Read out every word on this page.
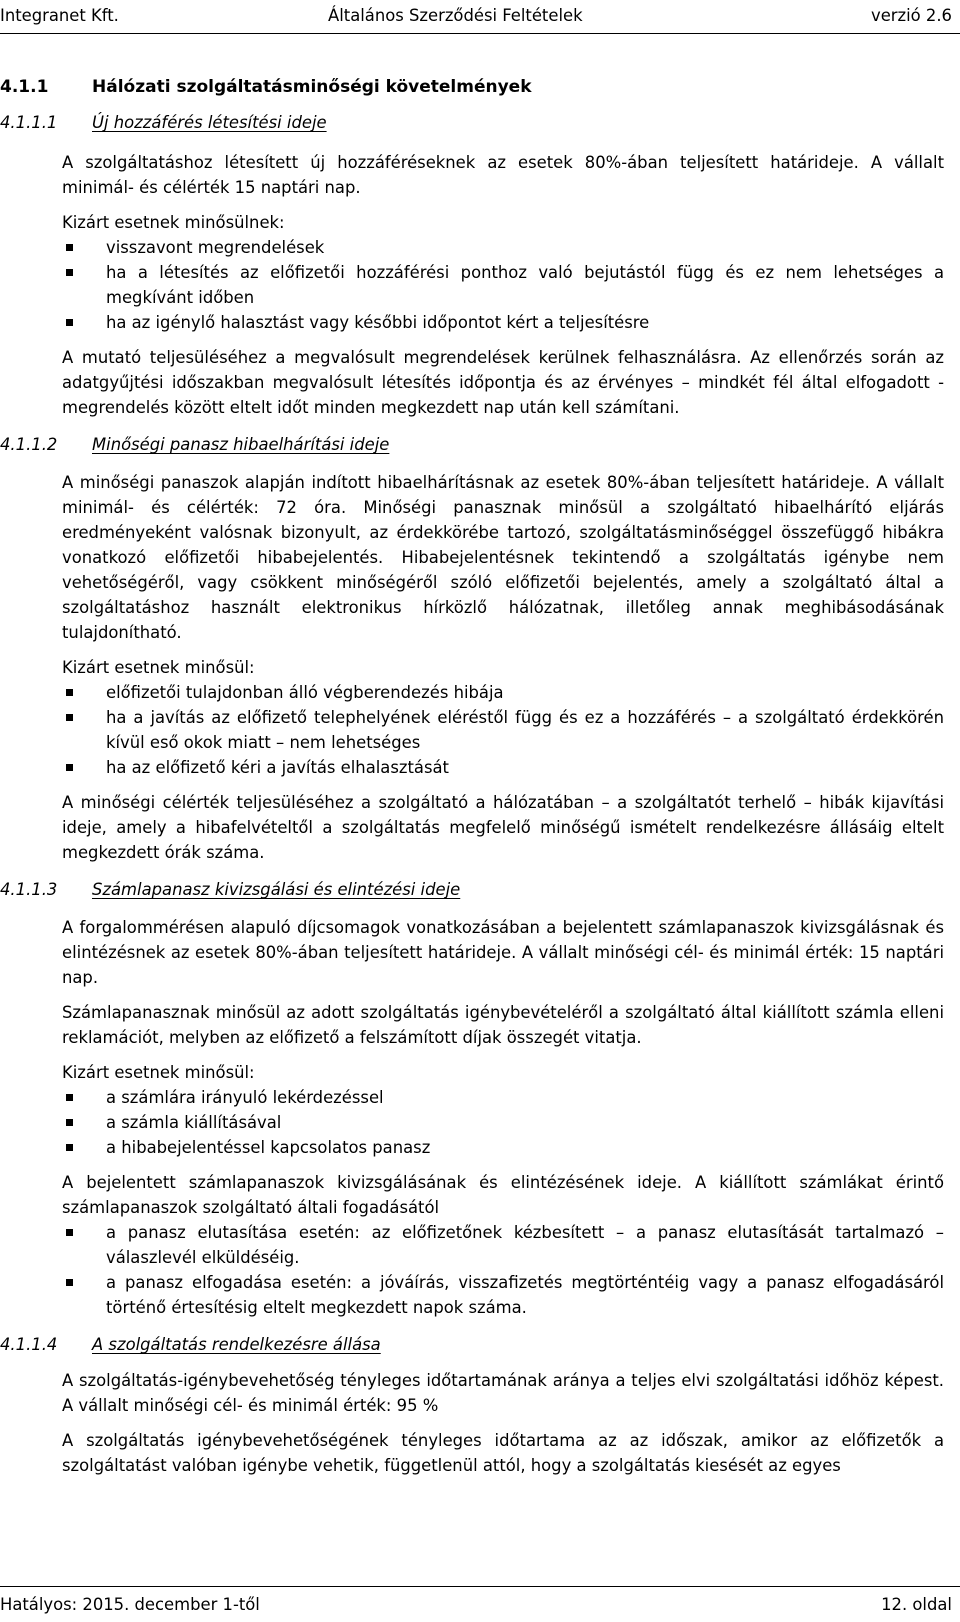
Integranet Kft.	Általános Szerződési Feltételek	verzió 2.6
4.1.1	Hálózati szolgáltatásminőségi követelmények
4.1.1.1 Új hozzáférés létesítési ideje

A szolgáltatáshoz létesített új hozzáféréseknek az esetek 80%-ában teljesített határideje. A vállalt minimál- és célérték 15 naptári nap.

Kizárt esetnek minősülnek:

visszavont megrendelések
ha a létesítés az előfizetői hozzáférési ponthoz való bejutástól függ és ez nem lehetséges a megkívánt időben
ha az igénylő halasztást vagy későbbi időpontot kért a teljesítésre

A mutató teljesüléséhez a megvalósult megrendelések kerülnek felhasználásra. Az ellenőrzés során az adatgyűjtési időszakban megvalósult létesítés időpontja és az érvényes – mindkét fél által elfogadott - megrendelés között eltelt időt minden megkezdett nap után kell számítani.

4.1.1.2 Minőségi panasz hibaelhárítási ideje

A minőségi panaszok alapján indított hibaelhárításnak az esetek 80%-ában teljesített határideje. A vállalt minimál- és célérték: 72 óra. Minőségi panasznak minősül a szolgáltató hibaelhárító eljárás eredményeként valósnak bizonyult, az érdekkörébe tartozó, szolgáltatásminőséggel összefüggő hibákra vonatkozó előfizetői hibabejelentés. Hibabejelentésnek tekintendő a szolgáltatás igénybe nem vehetőségéről, vagy csökkent minőségéről szóló előfizetői bejelentés, amely a szolgáltató által a szolgáltatáshoz használt elektronikus hírközlő hálózatnak, illetőleg annak meghibásodásának tulajdonítható.

Kizárt esetnek minősül:

előfizetői tulajdonban álló végberendezés hibája
ha a javítás az előfizető telephelyének eléréstől függ és ez a hozzáférés – a szolgáltató érdekkörén kívül eső okok miatt – nem lehetséges
ha az előfizető kéri a javítás elhalasztását

A minőségi célérték teljesüléséhez a szolgáltató a hálózatában – a szolgáltatót terhelő – hibák kijavítási ideje, amely a hibafelvételtől a szolgáltatás megfelelő minőségű ismételt rendelkezésre állásáig eltelt megkezdett órák száma.

4.1.1.3 Számlapanasz kivizsgálási és elintézési ideje

A forgalommérésen alapuló díjcsomagok vonatkozásában a bejelentett számlapanaszok kivizsgálásnak és elintézésnek az esetek 80%-ában teljesített határideje. A vállalt minőségi cél- és minimál érték: 15 naptári nap.

Számlapanasznak minősül az adott szolgáltatás igénybevételéről a szolgáltató által kiállított számla elleni reklamációt, melyben az előfizető a felszámított díjak összegét vitatja.

Kizárt esetnek minősül:

a számlára irányuló lekérdezéssel
a számla kiállításával
a hibabejelentéssel kapcsolatos panasz

A bejelentett számlapanaszok kivizsgálásának és elintézésének ideje. A kiállított számlákat érintő számlapanaszok szolgáltató általi fogadásától

a panasz elutasítása esetén: az előfizetőnek kézbesített – a panasz elutasítását tartalmazó – válaszlevél elküldéséig.
a panasz elfogadása esetén: a jóváírás, visszafizetés megtörténtéig vagy a panasz elfogadásáról történő értesítésig eltelt megkezdett napok száma.
4.1.1.4 A szolgáltatás rendelkezésre állása

A szolgáltatás-igénybevehetőség tényleges időtartamának aránya a teljes elvi szolgáltatási időhöz képest. A vállalt minőségi cél- és minimál érték: 95 %

A szolgáltatás igénybevehetőségének tényleges időtartama az az időszak, amikor az előfizetők a szolgáltatást valóban igénybe vehetik, függetlenül attól, hogy a szolgáltatás kiesését az egyes

Hatályos: 2015. december 1-től	12. oldal
